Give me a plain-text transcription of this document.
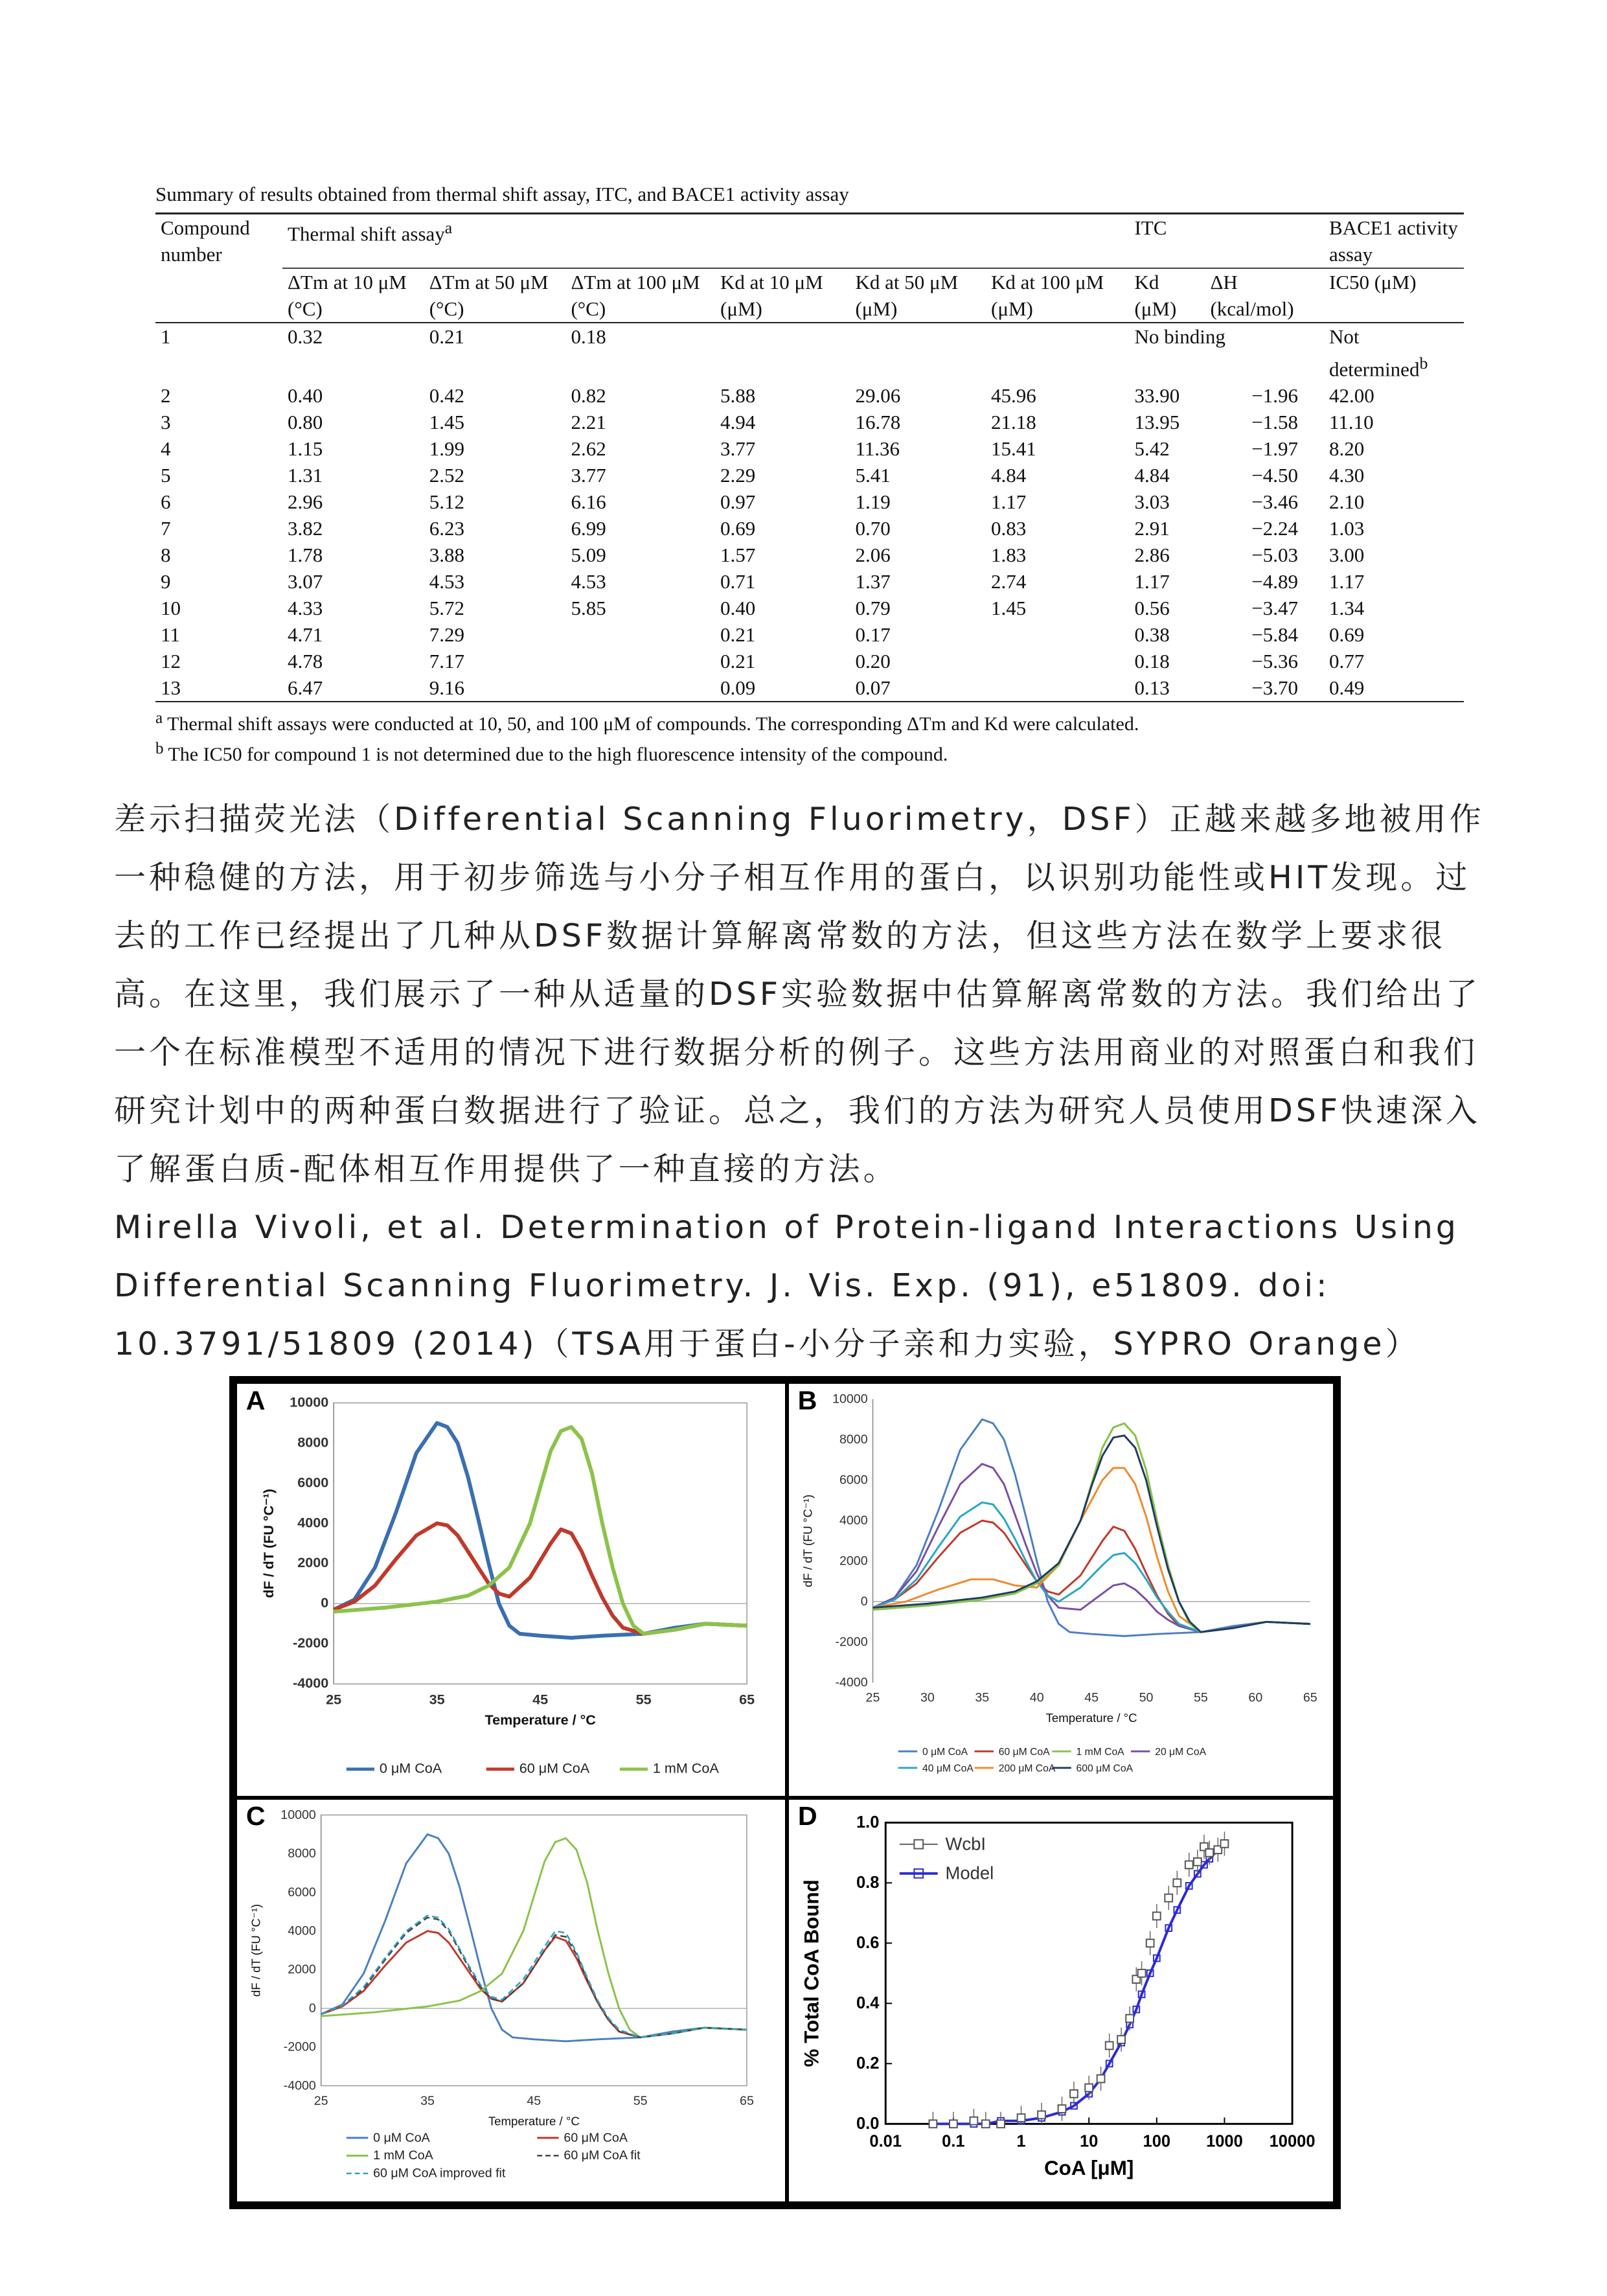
Summary of results obtained from thermal shift assay, ITC, and BACE1 activity assay
Compound number	Thermal shift assay$^a$						ITC		BACE1 activity assay
	ΔTm at 10 μM (°C)	ΔTm at 50 μM (°C)	ΔTm at 100 μM (°C)	Kd at 10 μM (μM)	Kd at 50 μM (μM)	Kd at 100 μM (μM)	Kd (μM)	ΔH (kcal/mol)	IC50 (μM)
1	0.32	0.21	0.18				No binding		Not determined$^b$
2	0.40	0.42	0.82	5.88	29.06	45.96	33.90	−1.96	42.00
3	0.80	1.45	2.21	4.94	16.78	21.18	13.95	−1.58	11.10
4	1.15	1.99	2.62	3.77	11.36	15.41	5.42	−1.97	8.20
5	1.31	2.52	3.77	2.29	5.41	4.84	4.84	−4.50	4.30
6	2.96	5.12	6.16	0.97	1.19	1.17	3.03	−3.46	2.10
7	3.82	6.23	6.99	0.69	0.70	0.83	2.91	−2.24	1.03
8	1.78	3.88	5.09	1.57	2.06	1.83	2.86	−5.03	3.00
9	3.07	4.53	4.53	0.71	1.37	2.74	1.17	−4.89	1.17
10	4.33	5.72	5.85	0.40	0.79	1.45	0.56	−3.47	1.34
11	4.71	7.29		0.21	0.17		0.38	−5.84	0.69
12	4.78	7.17		0.21	0.20		0.18	−5.36	0.77
13	6.47	9.16		0.09	0.07		0.13	−3.70	0.49
$^a$ Thermal shift assays were conducted at 10, 50, and 100 μM of compounds. The corresponding ΔTm and Kd were calculated.
$^b$ The IC50 for compound 1 is not determined due to the high fluorescence intensity of the compound.

差示扫描荧光法（Differential Scanning Fluorimetry，DSF）正越来越多地被用作一种稳健的方法，用于初步筛选与小分子相互作用的蛋白，以识别功能性或HIT发现。过去的工作已经提出了几种从DSF数据计算解离常数的方法，但这些方法在数学上要求很高。在这里，我们展示了一种从适量的DSF实验数据中估算解离常数的方法。我们给出了一个在标准模型不适用的情况下进行数据分析的例子。这些方法用商业的对照蛋白和我们研究计划中的两种蛋白数据进行了验证。总之，我们的方法为研究人员使用DSF快速深入了解蛋白质-配体相互作用提供了一种直接的方法。

Mirella Vivoli, et al. Determination of Protein-ligand Interactions Using Differential Scanning Fluorimetry. J. Vis. Exp. (91), e51809. doi: 10.3791/51809 (2014)（TSA用于蛋白-小分子亲和力实验，SYPRO Orange）

-4000
-2000
0
2000
4000
6000
8000
10000
25	35	45	55	65
Temperature / °C
dF / dT (FU °C⁻¹)
A
0 μM CoA	60 μM CoA	1 mM CoA
-4000
-2000
0
2000
4000
6000
8000
10000
25	30	35	40	45	50	55	60	65
Temperature / °C
dF / dT (FU °C⁻¹)
B
0 μM CoA	60 μM CoA	1 mM CoA	20 μM CoA
40 μM CoA 200 μM CoA 600 μM CoA
-4000
-2000
0
2000
4000
6000
8000
10000
25	35	45	55	65
Temperature / °C
dF / dT (FU °C⁻¹)
C
0 μM CoA	60 μM CoA
1 mM CoA	60 μM CoA fit
60 μM CoA improved fit
0.0
0.2
0.4
0.6
0.8
1.0
0.01 0.1	1	10	100 1000 10000
WcbI
Model
CoA [μM]
% Total CoA Bound
D
